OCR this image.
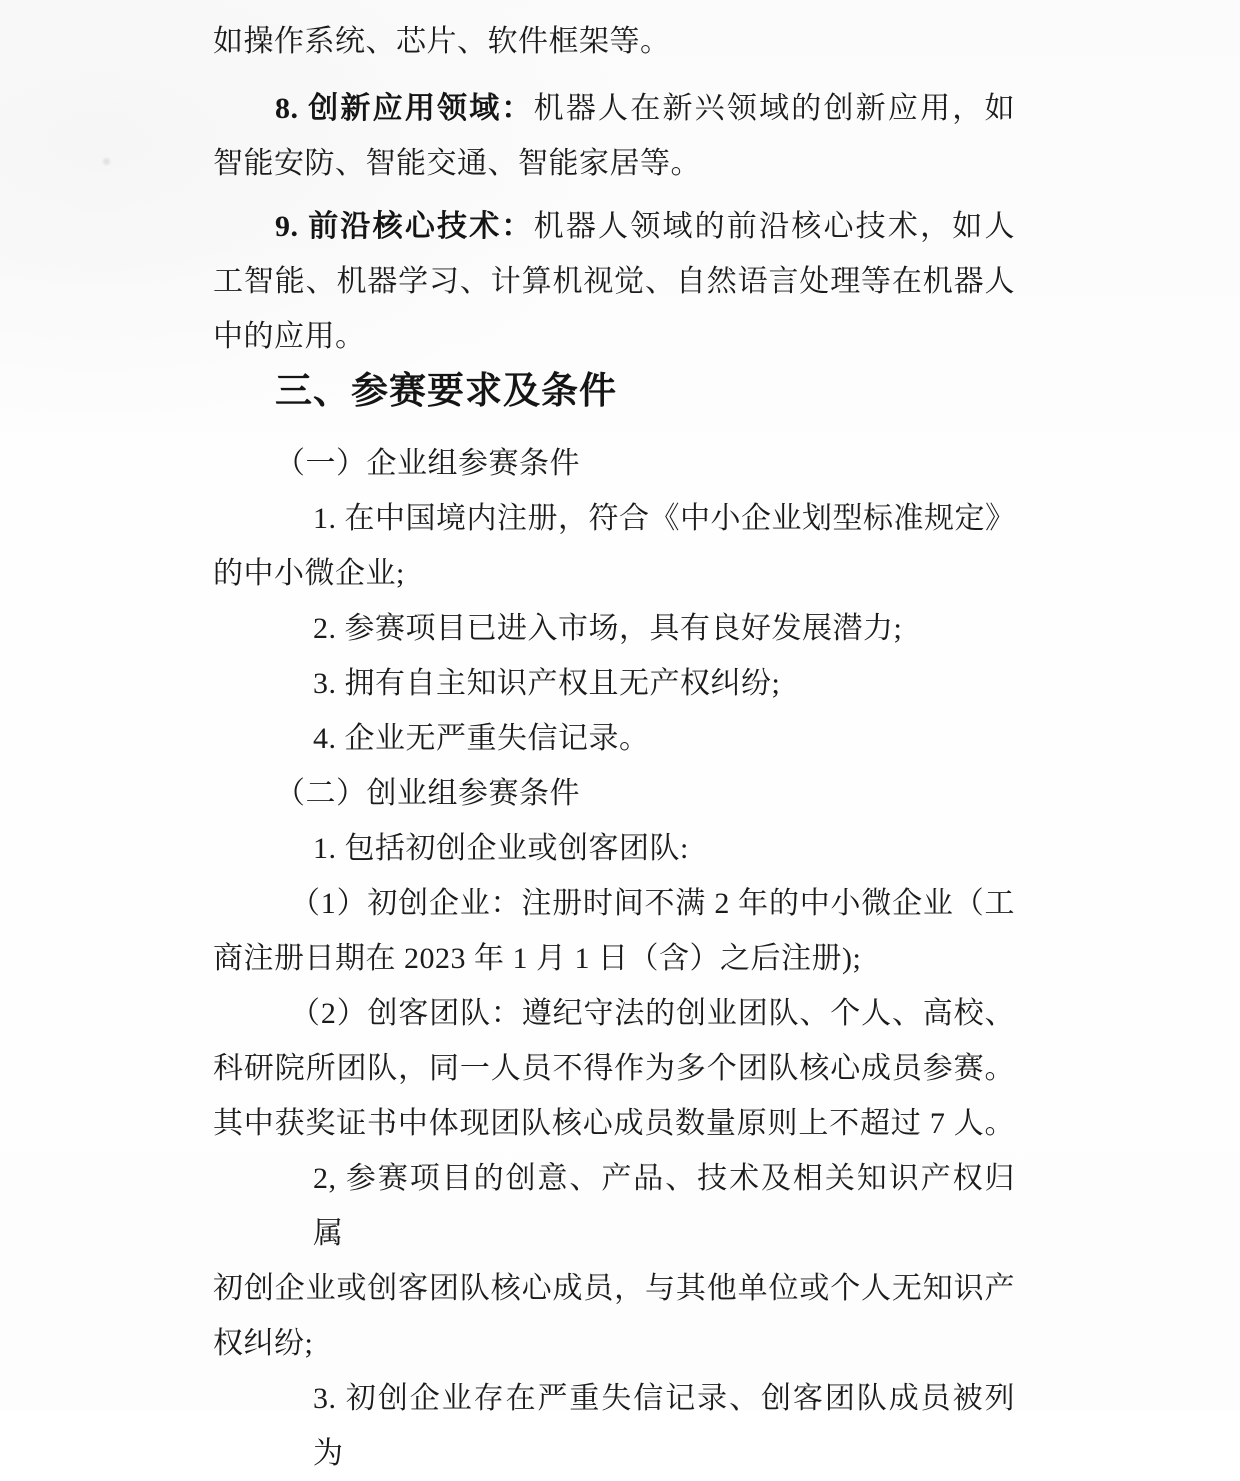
如操作系统、芯片、软件框架等。
8. 创新应用领域：机器人在新兴领域的创新应用，如
智能安防、智能交通、智能家居等。
9. 前沿核心技术：机器人领域的前沿核心技术，如人
工智能、机器学习、计算机视觉、自然语言处理等在机器人
中的应用。
三、参赛要求及条件
（一）企业组参赛条件
1. 在中国境内注册，符合《中小企业划型标准规定》
的中小微企业;
2. 参赛项目已进入市场，具有良好发展潜力;
3. 拥有自主知识产权且无产权纠纷;
4. 企业无严重失信记录。
（二）创业组参赛条件
1. 包括初创企业或创客团队:
（1）初创企业：注册时间不满 2 年的中小微企业（工
商注册日期在 2023 年 1 月 1 日（含）之后注册);
（2）创客团队：遵纪守法的创业团队、个人、高校、
科研院所团队，同一人员不得作为多个团队核心成员参赛。
其中获奖证书中体现团队核心成员数量原则上不超过 7 人。
2, 参赛项目的创意、产品、技术及相关知识产权归属
初创企业或创客团队核心成员，与其他单位或个人无知识产
权纠纷;
3. 初创企业存在严重失信记录、创客团队成员被列为
